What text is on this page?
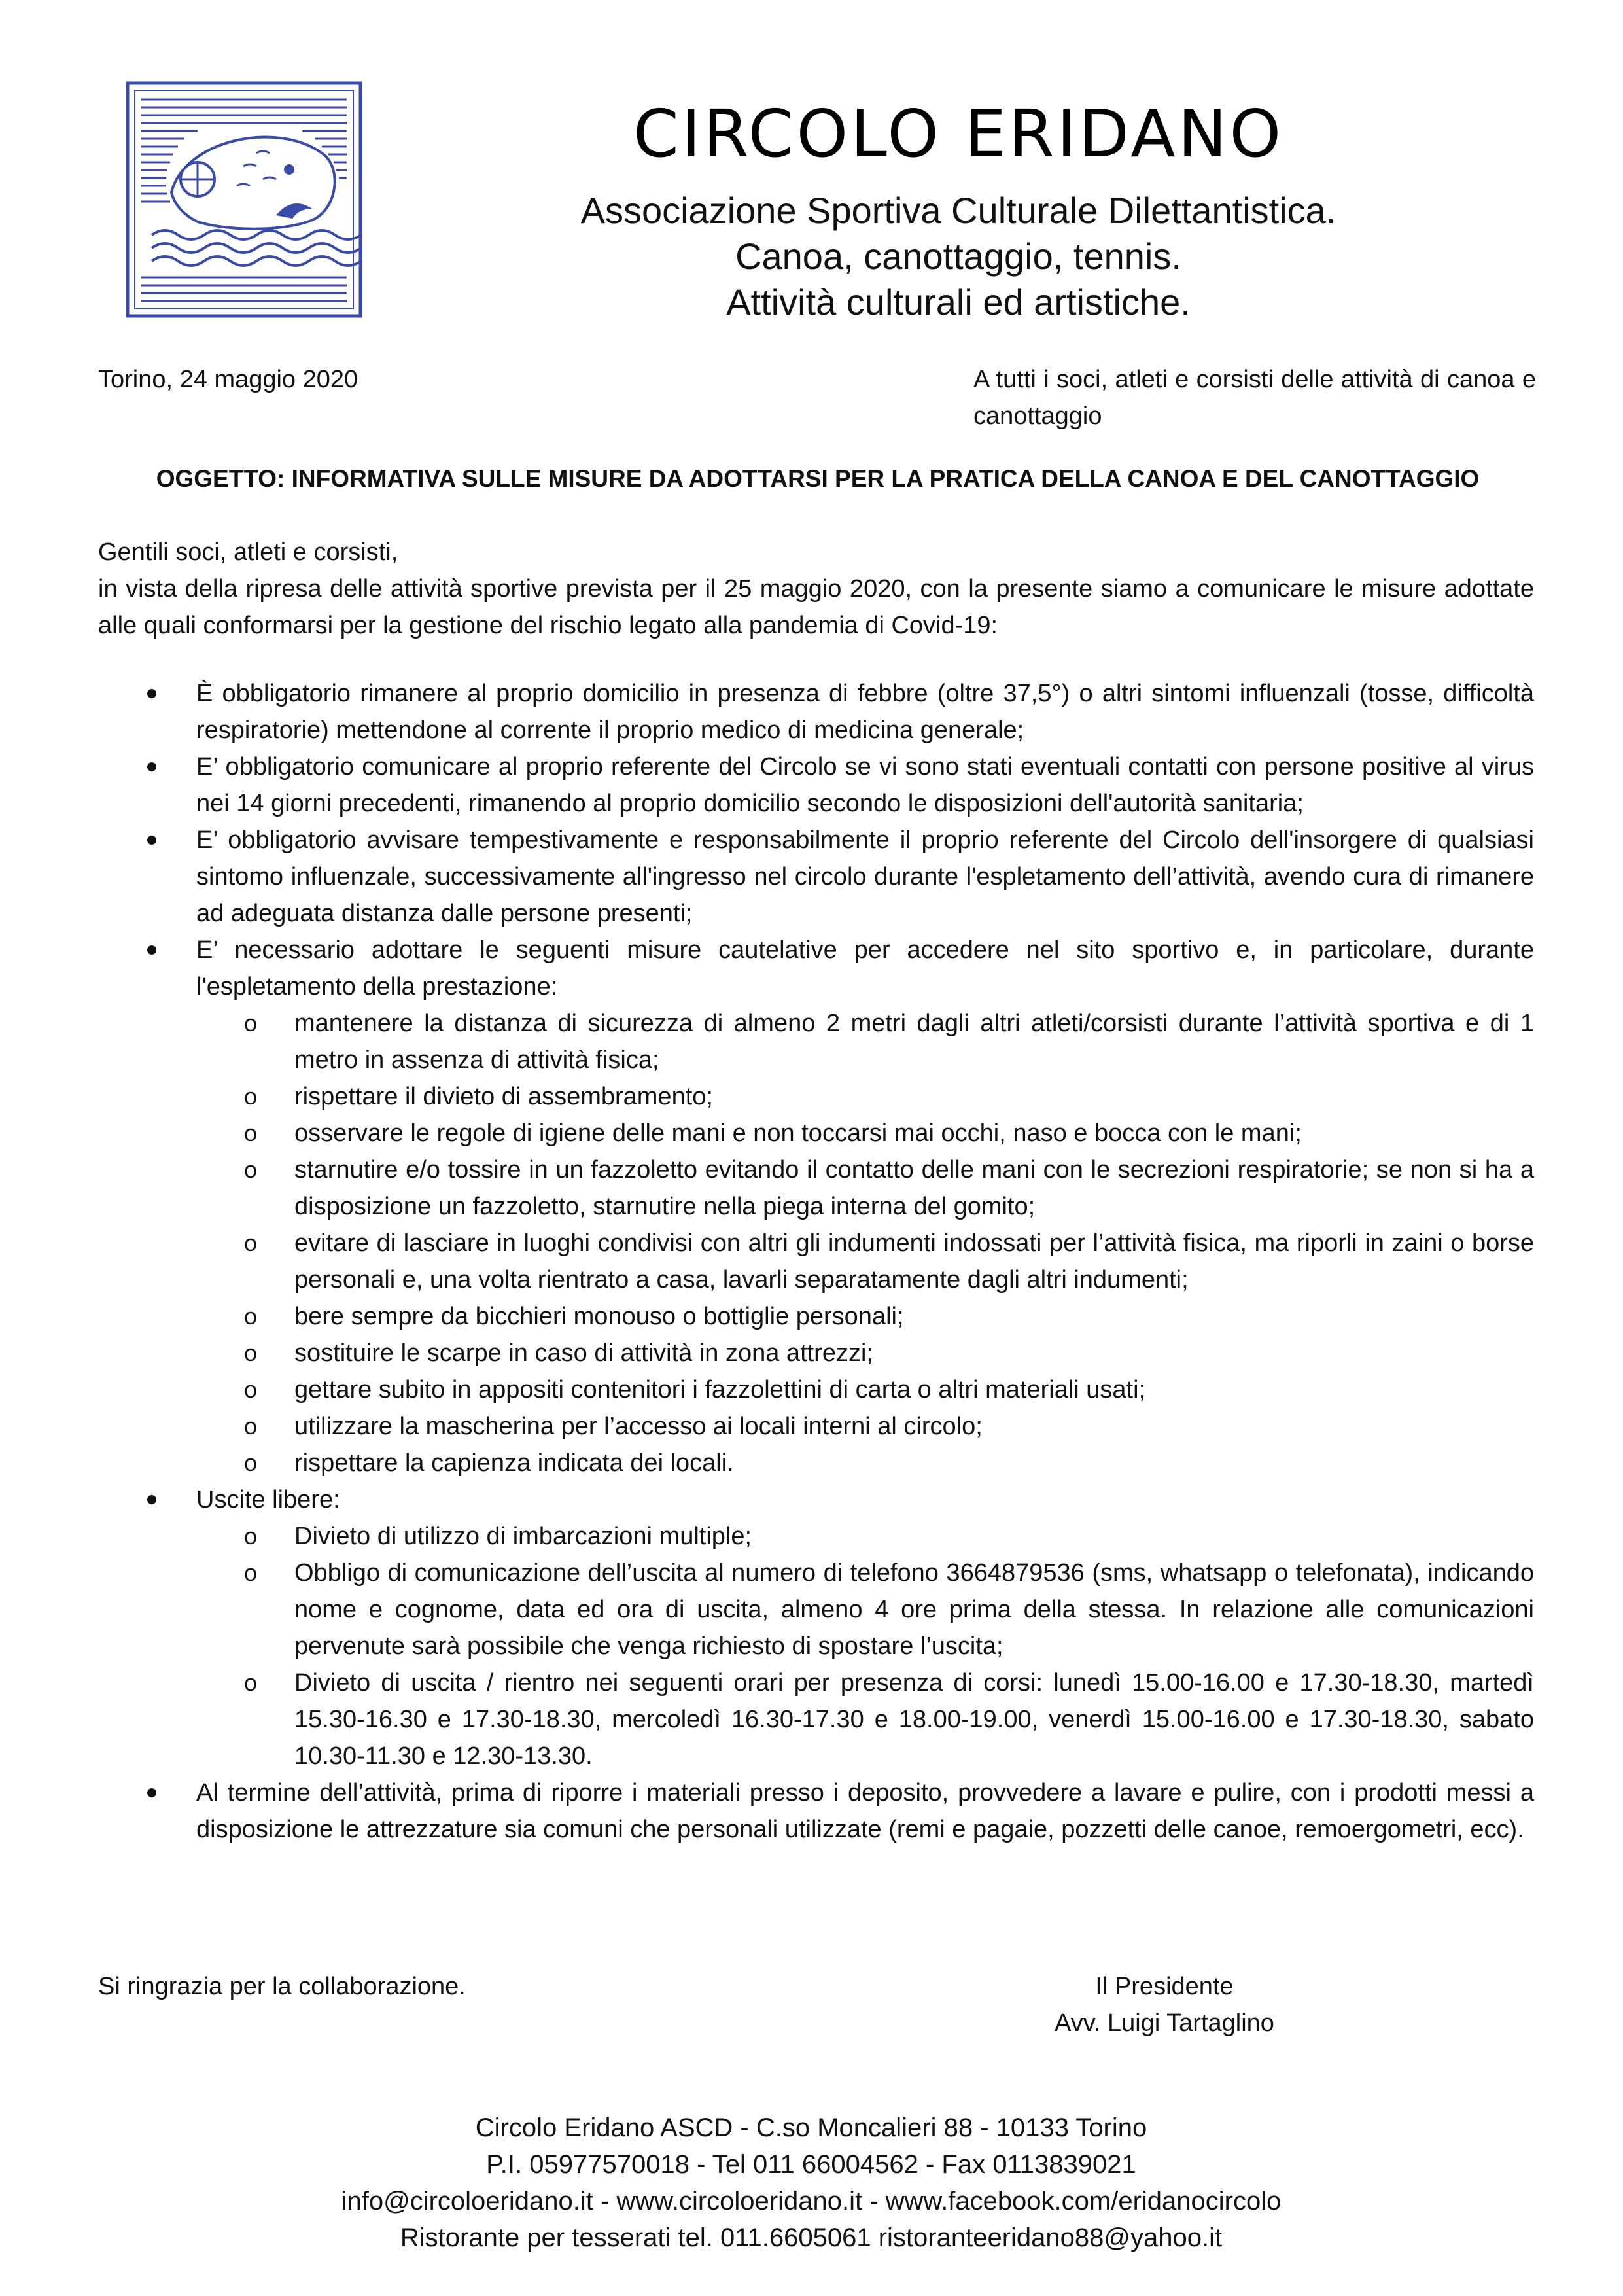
CIRCOLO ERIDANO
Associazione Sportiva Culturale Dilettantistica.
Canoa, canottaggio, tennis.
Attività culturali ed artistiche.
Torino, 24 maggio 2020	A tutti i soci, atleti e corsisti delle attività di canoa e canottaggio
OGGETTO: INFORMATIVA SULLE MISURE DA ADOTTARSI PER LA PRATICA DELLA CANOA E DEL CANOTTAGGIO
Gentili soci, atleti e corsisti,
in vista della ripresa delle attività sportive prevista per il 25 maggio 2020, con la presente siamo a comunicare le misure adottate alle quali conformarsi per la gestione del rischio legato alla pandemia di Covid-19:
È obbligatorio rimanere al proprio domicilio in presenza di febbre (oltre 37,5°) o altri sintomi influenzali (tosse, difficoltà respiratorie) mettendone al corrente il proprio medico di medicina generale;
E’ obbligatorio comunicare al proprio referente del Circolo se vi sono stati eventuali contatti con persone positive al virus nei 14 giorni precedenti, rimanendo al proprio domicilio secondo le disposizioni dell'autorità sanitaria;
E’ obbligatorio avvisare tempestivamente e responsabilmente il proprio referente del Circolo dell'insorgere di qualsiasi sintomo influenzale, successivamente all'ingresso nel circolo durante l'espletamento dell’attività, avendo cura di rimanere ad adeguata distanza dalle persone presenti;
E’ necessario adottare le seguenti misure cautelative per accedere nel sito sportivo e, in particolare, durante l'espletamento della prestazione:
o mantenere la distanza di sicurezza di almeno 2 metri dagli altri atleti/corsisti durante l’attività sportiva e di 1 metro in assenza di attività fisica;
o rispettare il divieto di assembramento;
o osservare le regole di igiene delle mani e non toccarsi mai occhi, naso e bocca con le mani;
o starnutire e/o tossire in un fazzoletto evitando il contatto delle mani con le secrezioni respiratorie; se non si ha a disposizione un fazzoletto, starnutire nella piega interna del gomito;
o evitare di lasciare in luoghi condivisi con altri gli indumenti indossati per l’attività fisica, ma riporli in zaini o borse personali e, una volta rientrato a casa, lavarli separatamente dagli altri indumenti;
o bere sempre da bicchieri monouso o bottiglie personali;
o sostituire le scarpe in caso di attività in zona attrezzi;
o gettare subito in appositi contenitori i fazzolettini di carta o altri materiali usati;
o utilizzare la mascherina per l’accesso ai locali interni al circolo;
o rispettare la capienza indicata dei locali.
Uscite libere:
o Divieto di utilizzo di imbarcazioni multiple;
o Obbligo di comunicazione dell’uscita al numero di telefono 3664879536 (sms, whatsapp o telefonata), indicando nome e cognome, data ed ora di uscita, almeno 4 ore prima della stessa. In relazione alle comunicazioni pervenute sarà possibile che venga richiesto di spostare l’uscita;
o Divieto di uscita / rientro nei seguenti orari per presenza di corsi: lunedì 15.00-16.00 e 17.30-18.30, martedì 15.30-16.30 e 17.30-18.30, mercoledì 16.30-17.30 e 18.00-19.00, venerdì 15.00-16.00 e 17.30-18.30, sabato 10.30-11.30 e 12.30-13.30.
Al termine dell’attività, prima di riporre i materiali presso i deposito, provvedere a lavare e pulire, con i prodotti messi a disposizione le attrezzature sia comuni che personali utilizzate (remi e pagaie, pozzetti delle canoe, remoergometri, ecc).
Si ringrazia per la collaborazione.	Il Presidente
Avv. Luigi Tartaglino
Circolo Eridano ASCD - C.so Moncalieri 88 - 10133 Torino
P.I. 05977570018 - Tel 011 66004562 - Fax 0113839021
info@circoloeridano.it - www.circoloeridano.it - www.facebook.com/eridanocircolo
Ristorante per tesserati tel. 011.6605061 ristoranteeridano88@yahoo.it
